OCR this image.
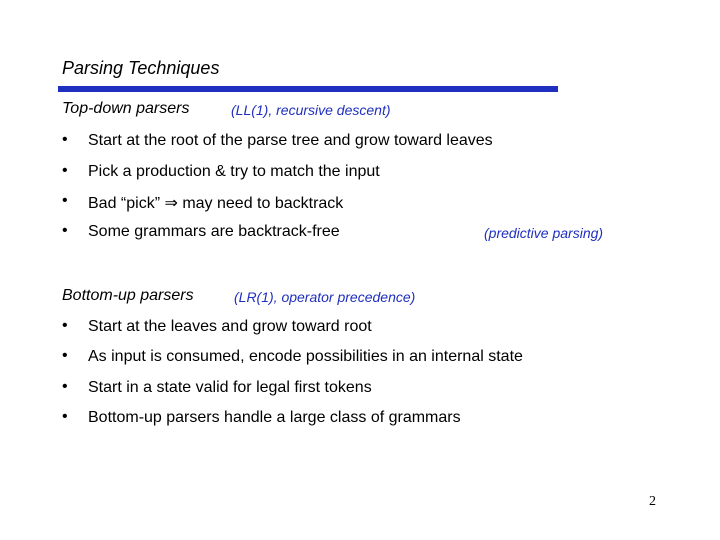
Parsing Techniques
Top-down parsers	(LL(1), recursive descent)
• Start at the root of the parse tree and grow toward leaves
• Pick a production & try to match the input
• Bad “pick” ⇒ may need to backtrack
• Some grammars are backtrack-free	(predictive parsing)
Bottom-up parsers	(LR(1), operator precedence)
• Start at the leaves and grow toward root
• As input is consumed, encode possibilities in an internal state
• Start in a state valid for legal first tokens
• Bottom-up parsers handle a large class of grammars
2
